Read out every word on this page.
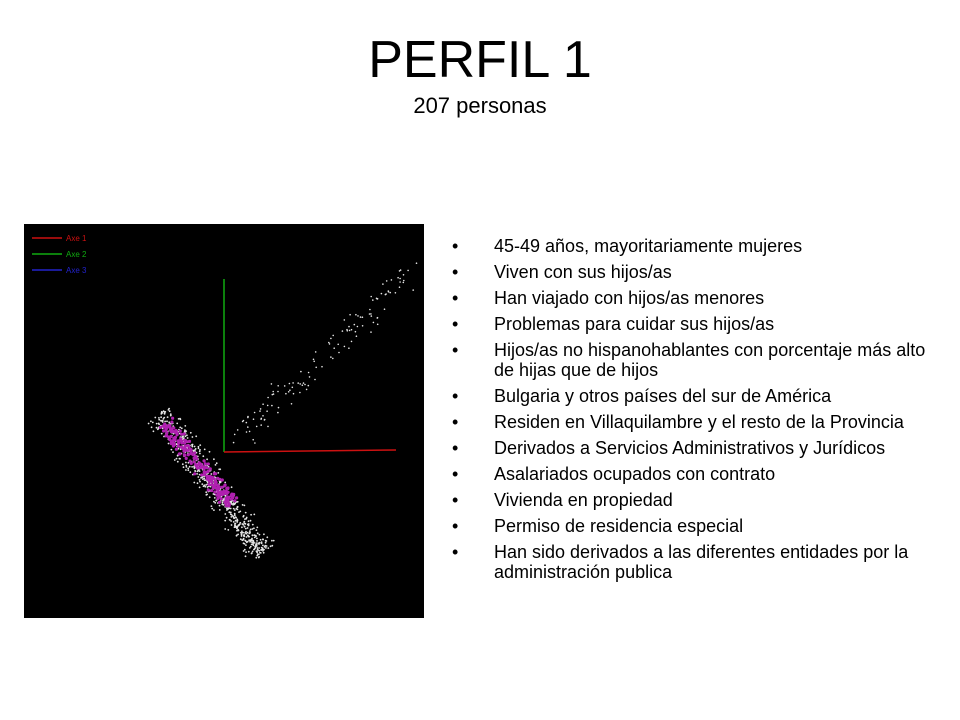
PERFIL 1
207 personas
Axe 1
Axe 2
Axe 3
• 45-49 años, mayoritariamente mujeres
• Viven con sus hijos/as
• Han viajado con hijos/as menores
• Problemas para cuidar sus hijos/as
• Hijos/as no hispanohablantes con porcentaje más alto de hijas que de hijos
• Bulgaria y otros países del sur de América
• Residen en Villaquilambre y el resto de la Provincia
• Derivados a Servicios Administrativos y Jurídicos
• Asalariados ocupados con contrato
• Vivienda en propiedad
• Permiso de residencia especial
• Han sido derivados a las diferentes entidades por la administración publica
